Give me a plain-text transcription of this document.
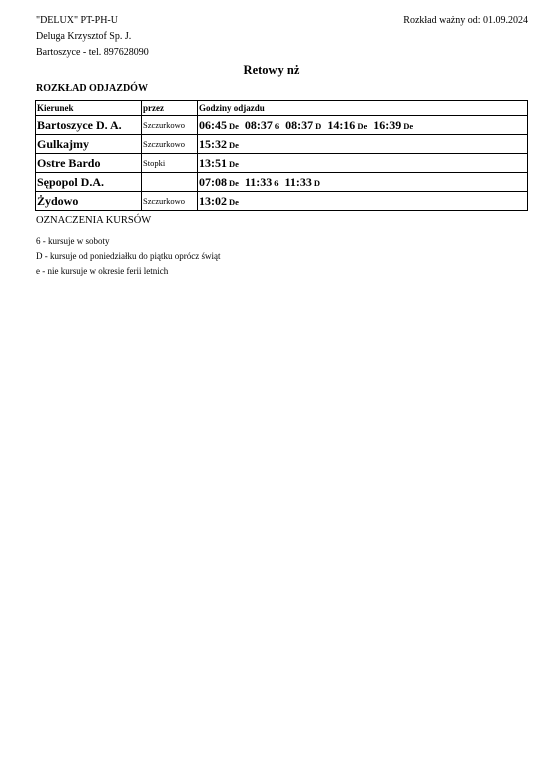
"DELUX" PT-PH-U
Deluga Krzysztof Sp. J.
Bartoszyce - tel. 897628090
Rozkład ważny od: 01.09.2024
Retowy nż
ROZKŁAD ODJAZDÓW
Kierunek	przez	Godziny odjazdu
Bartoszyce D. A.	Szczurkowo	06:45 De 08:37 6 08:37 D 14:16 De 16:39 De
Gulkajmy	Szczurkowo	15:32 De
Ostre Bardo	Stopki	13:51 De
Sępopol D.A.		07:08 De 11:33 6 11:33 D
Żydowo	Szczurkowo	13:02 De
OZNACZENIA KURSÓW
6 - kursuje w soboty
D - kursuje od poniedziałku do piątku oprócz świąt
e - nie kursuje w okresie ferii letnich
